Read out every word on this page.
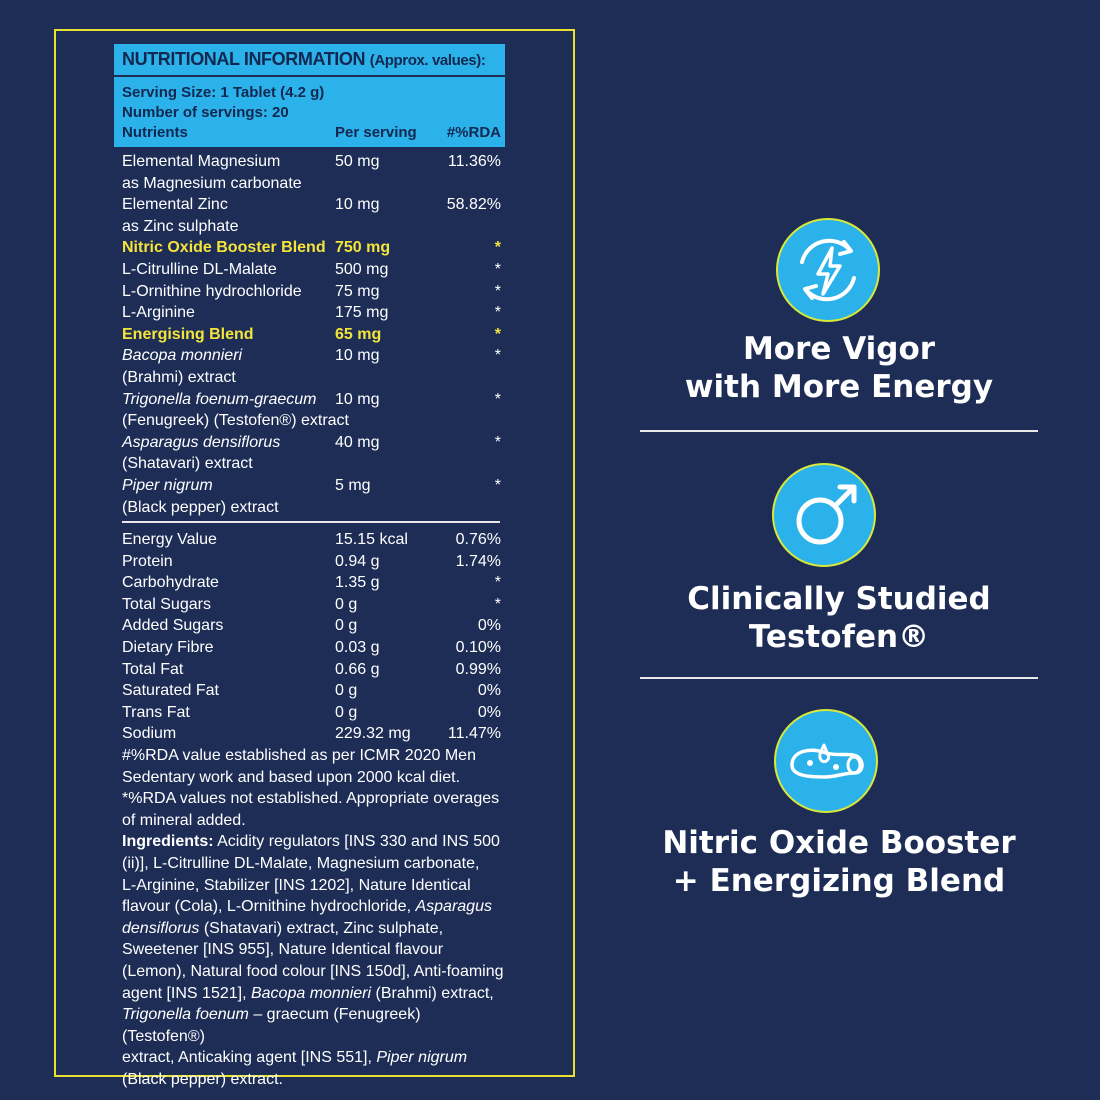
NUTRITIONAL INFORMATION (Approx. values):
Serving Size: 1 Tablet (4.2 g)
Number of servings: 20
Nutrients	Per serving	#%RDA
Elemental Magnesium	50 mg	11.36%
as Magnesium carbonate
Elemental Zinc	10 mg	58.82%
as Zinc sulphate
Nitric Oxide Booster Blend 750 mg	*
L-Citrulline DL-Malate	500 mg	*
L-Ornithine hydrochloride	75 mg	*
L-Arginine	175 mg	*
Energising Blend	65 mg	*
Bacopa monnieri	10 mg	*
(Brahmi) extract
Trigonella foenum-graecum	10 mg	*
(Fenugreek) (Testofen®) extract
Asparagus densiflorus	40 mg	*
(Shatavari) extract
Piper nigrum	5 mg	*
(Black pepper) extract
Energy Value	15.15 kcal	0.76%
Protein	0.94 g	1.74%
Carbohydrate	1.35 g	*
Total Sugars	0 g	*
Added Sugars	0 g	0%
Dietary Fibre	0.03 g	0.10%
Total Fat	0.66 g	0.99%
Saturated Fat	0 g	0%
Trans Fat	0 g	0%
Sodium	229.32 mg	11.47%
#%RDA value established as per ICMR 2020 Men
Sedentary work and based upon 2000 kcal diet.
*%RDA values not established. Appropriate overages
of mineral added.
Ingredients: Acidity regulators [INS 330 and INS 500
(ii)], L-Citrulline DL-Malate, Magnesium carbonate,
L-Arginine, Stabilizer [INS 1202], Nature Identical
flavour (Cola), L-Ornithine hydrochloride, Asparagus
densiflorus (Shatavari) extract, Zinc sulphate,
Sweetener [INS 955], Nature Identical flavour
(Lemon), Natural food colour [INS 150d], Anti-foaming
agent [INS 1521], Bacopa monnieri (Brahmi) extract,
Trigonella foenum – graecum (Fenugreek) (Testofen®)
extract, Anticaking agent [INS 551], Piper nigrum
(Black pepper) extract.
More Vigor
with More Energy
Clinically Studied
Testofen®
Nitric Oxide Booster
+ Energizing Blend
